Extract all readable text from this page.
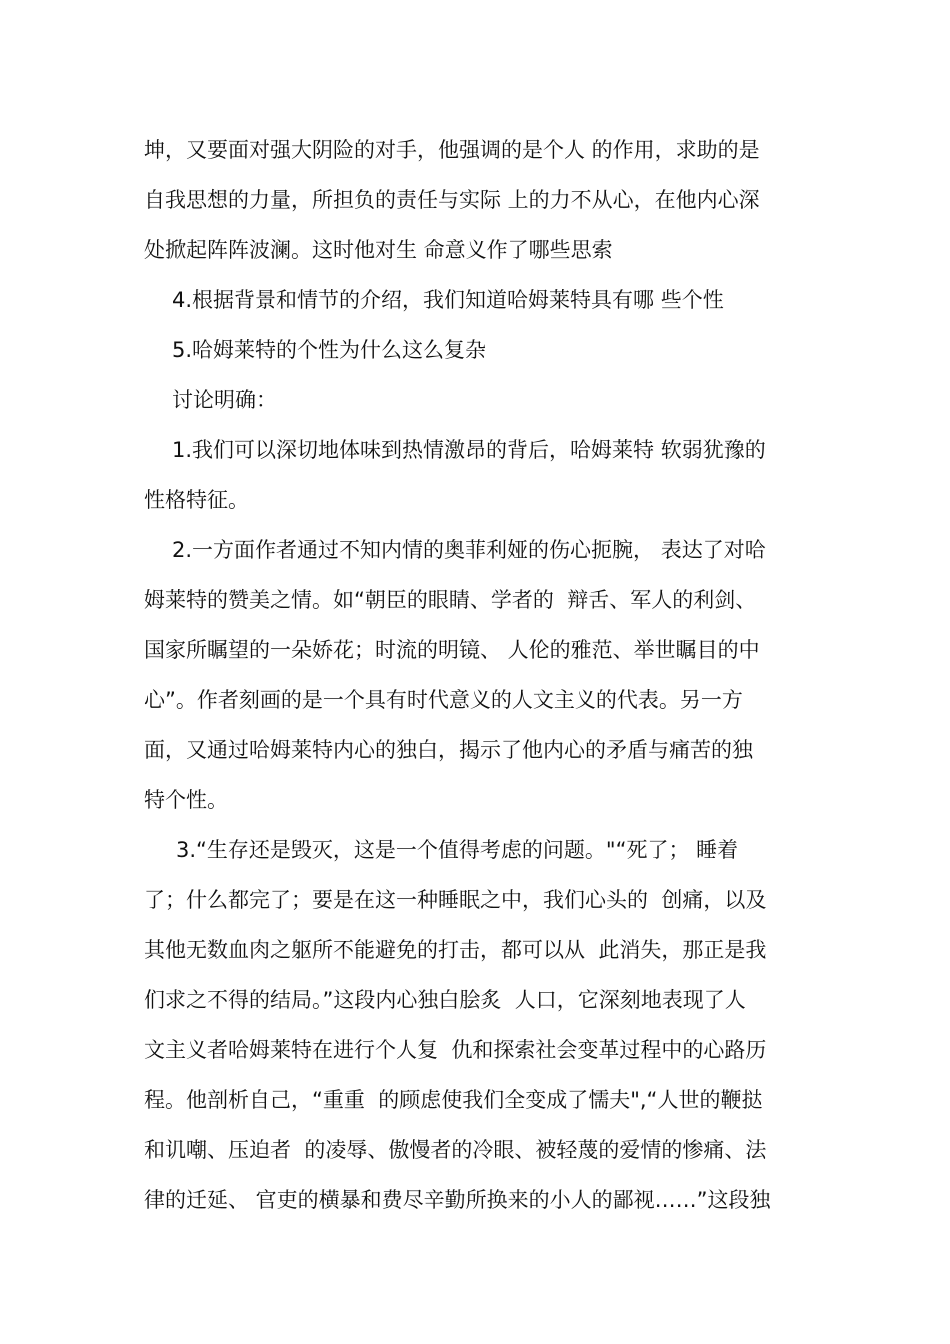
坤，又要面对强大阴险的对手，他强调的是个人 的作用，求助的是
自我思想的力量，所担负的责任与实际 上的力不从心，在他内心深
处掀起阵阵波澜。这时他对生 命意义作了哪些思索
4.根据背景和情节的介绍，我们知道哈姆莱特具有哪 些个性
5.哈姆莱特的个性为什么这么复杂
讨论明确：
1.我们可以深切地体味到热情激昂的背后，哈姆莱特 软弱犹豫的
性格特征。
2.一方面作者通过不知内情的奥菲利娅的伤心扼腕， 表达了对哈
姆莱特的赞美之情。如“朝臣的眼睛、学者的  辩舌、军人的利剑、
国家所瞩望的一朵娇花；时流的明镜、 人伦的雅范、举世瞩目的中
心”。作者刻画的是一个具有时代意义的人文主义的代表。另一方
面，又通过哈姆莱特内心的独白，揭示了他内心的矛盾与痛苦的独
特个性。
3.“生存还是毁灭，这是一个值得考虑的问题。"“死了； 睡着
了；什么都完了；要是在这一种睡眠之中，我们心头的  创痛，以及
其他无数血肉之躯所不能避免的打击，都可以从  此消失，那正是我
们求之不得的结局。”这段内心独白脍炙  人口，它深刻地表现了人
文主义者哈姆莱特在进行个人复  仇和探索社会变革过程中的心路历
程。他剖析自己，“重重  的顾虑使我们全变成了懦夫",“人世的鞭挞
和讥嘲、压迫者  的凌辱、傲慢者的冷眼、被轻蔑的爱情的惨痛、法
律的迁延、 官吏的横暴和费尽辛勤所换来的小人的鄙视……”这段独
